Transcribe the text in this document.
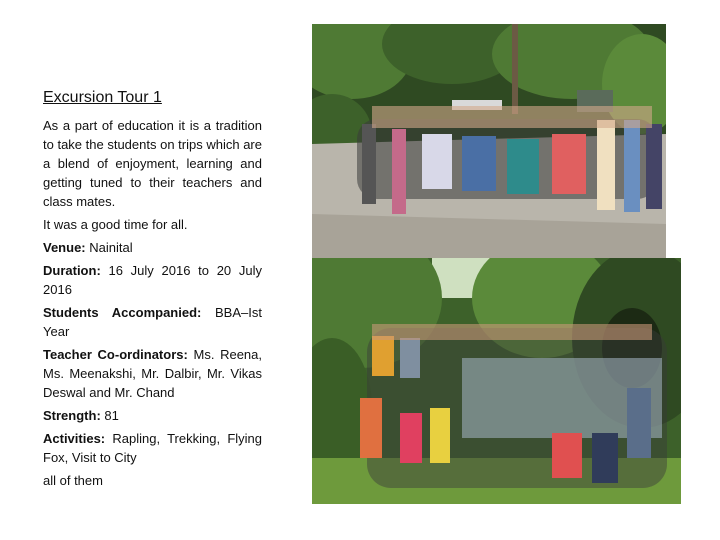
Excursion Tour 1

As a part of education it is a tradition to take the students on trips which are a blend of enjoyment, learning and getting tuned to their teachers and class mates.

It was a good time for all.

Venue: Nainital

Duration: 16 July 2016 to 20 July 2016

Students Accompanied: BBA–Ist Year

Teacher Co-ordinators: Ms. Reena, Ms. Meenakshi, Mr. Dalbir, Mr. Vikas Deswal and Mr. Chand

Strength: 81

Activities: Rapling, Trekking, Flying Fox, Visit to City

all of them
